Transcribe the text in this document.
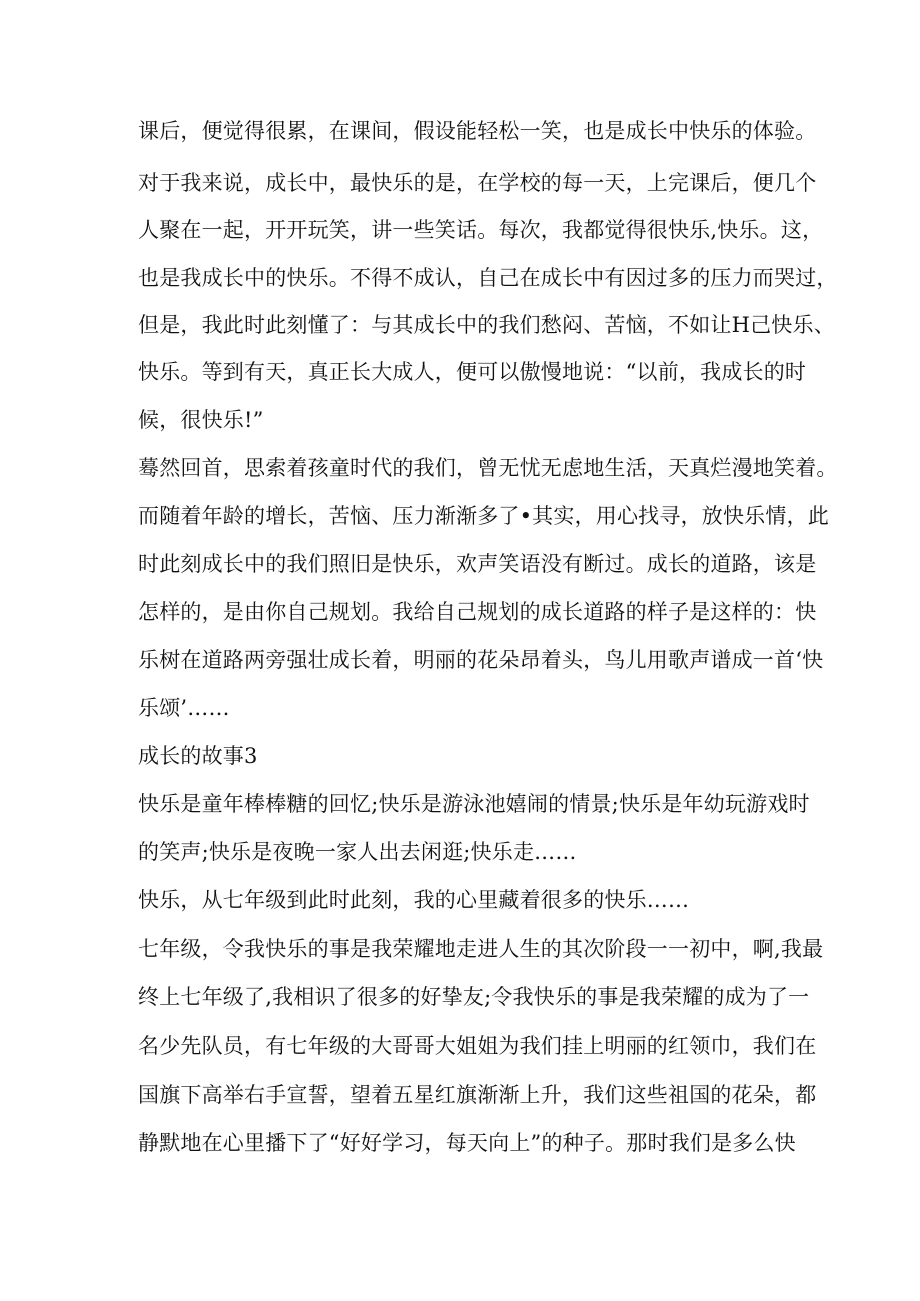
课后，便觉得很累，在课间，假设能轻松一笑，也是成长中快乐的体验。
对于我来说，成长中，最快乐的是，在学校的每一天，上完课后，便几个
人聚在一起，开开玩笑，讲一些笑话。每次，我都觉得很快乐,快乐。这，
也是我成长中的快乐。不得不成认，自己在成长中有因过多的压力而哭过，
但是，我此时此刻懂了：与其成长中的我们愁闷、苦恼，不如让H己快乐、
快乐。等到有天，真正长大成人，便可以傲慢地说：“以前，我成长的时
候，很快乐!”
蓦然回首，思索着孩童时代的我们，曾无忧无虑地生活，天真烂漫地笑着。
而随着年龄的增长，苦恼、压力渐渐多了•其实，用心找寻，放快乐情，此
时此刻成长中的我们照旧是快乐，欢声笑语没有断过。成长的道路，该是
怎样的，是由你自己规划。我给自己规划的成长道路的样子是这样的：快
乐树在道路两旁强壮成长着，明丽的花朵昂着头，鸟儿用歌声谱成一首‘快
乐颂’……
成长的故事3
快乐是童年棒棒糖的回忆;快乐是游泳池嬉闹的情景;快乐是年幼玩游戏时
的笑声;快乐是夜晚一家人出去闲逛;快乐走……
快乐，从七年级到此时此刻，我的心里藏着很多的快乐……
七年级，令我快乐的事是我荣耀地走进人生的其次阶段一一初中，啊,我最
终上七年级了,我相识了很多的好挚友;令我快乐的事是我荣耀的成为了一
名少先队员，有七年级的大哥哥大姐姐为我们挂上明丽的红领巾，我们在
国旗下高举右手宣誓，望着五星红旗渐渐上升，我们这些祖国的花朵，都
静默地在心里播下了“好好学习，每天向上”的种子。那时我们是多么快
